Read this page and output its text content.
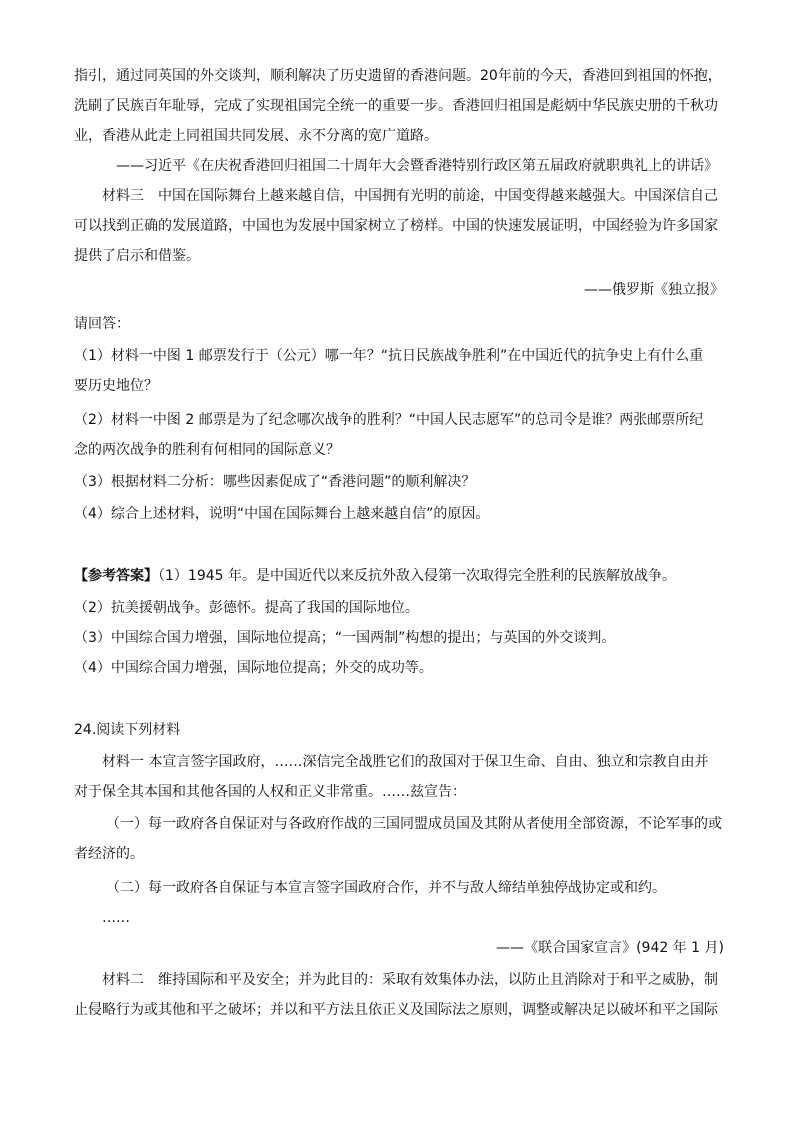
指引，通过同英国的外交谈判，顺利解决了历史遗留的香港问题。20年前的今天，香港回到祖国的怀抱，
洗刷了民族百年耻辱，完成了实现祖国完全统一的重要一步。香港回归祖国是彪炳中华民族史册的千秋功
业，香港从此走上同祖国共同发展、永不分离的宽广道路。
——习近平《在庆祝香港回归祖国二十周年大会暨香港特别行政区第五届政府就职典礼上的讲话》
材料三　中国在国际舞台上越来越自信，中国拥有光明的前途，中国变得越来越强大。中国深信自己
可以找到正确的发展道路，中国也为发展中国家树立了榜样。中国的快速发展证明，中国经验为许多国家
提供了启示和借鉴。
——俄罗斯《独立报》
请回答：
（1）材料一中图 1 邮票发行于（公元）哪一年？“抗日民族战争胜利”在中国近代的抗争史上有什么重
要历史地位？
（2）材料一中图 2 邮票是为了纪念哪次战争的胜利？“中国人民志愿军”的总司令是谁？两张邮票所纪
念的两次战争的胜利有何相同的国际意义？
（3）根据材料二分析：哪些因素促成了“香港问题”的顺利解决？
（4）综合上述材料，说明“中国在国际舞台上越来越自信”的原因。
【参考答案】（1）1945 年。是中国近代以来反抗外敌入侵第一次取得完全胜利的民族解放战争。
（2）抗美援朝战争。彭德怀。提高了我国的国际地位。
（3）中国综合国力增强，国际地位提高；“一国两制”构想的提出；与英国的外交谈判。
（4）中国综合国力增强，国际地位提高；外交的成功等。
24.阅读下列材料
材料一 本宣言签字国政府，……深信完全战胜它们的敌国对于保卫生命、自由、独立和宗教自由并
对于保全其本国和其他各国的人权和正义非常重。……兹宣告：
（一）每一政府各自保证对与各政府作战的三国同盟成员国及其附从者使用全部资源，不论军事的或
者经济的。
（二）每一政府各自保证与本宣言签字国政府合作，并不与敌人缔结单独停战协定或和约。
……
——《联合国家宣言》(942 年 1 月)
材料二　维持国际和平及安全；并为此目的：采取有效集体办法，以防止且消除对于和平之威胁，制
止侵略行为或其他和平之破坏；并以和平方法且依正义及国际法之原则，调整或解决足以破坏和平之国际
